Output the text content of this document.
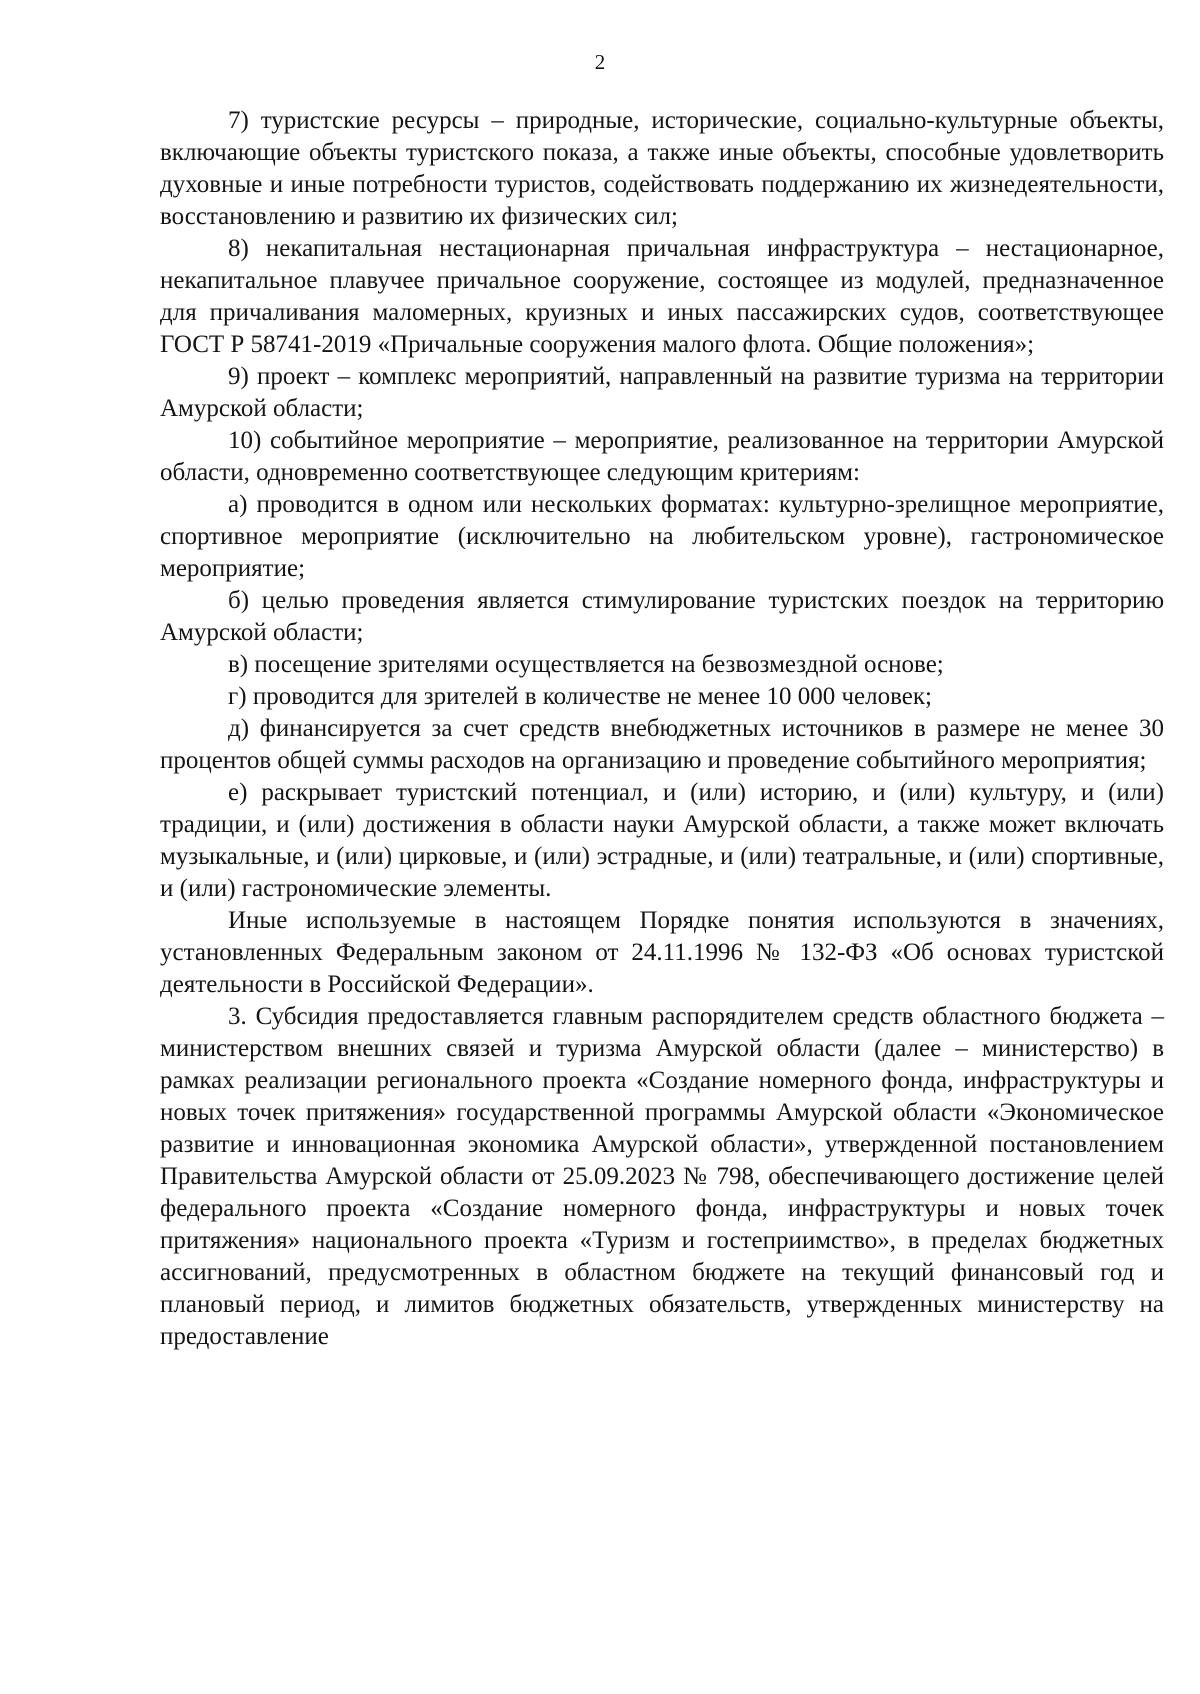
2

7) туристские ресурсы – природные, исторические, социально-культурные объекты, включающие объекты туристского показа, а также иные объекты, способные удовлетворить духовные и иные потребности туристов, содействовать поддержанию их жизнедеятельности, восстановлению и развитию их физических сил;

8) некапитальная нестационарная причальная инфраструктура – нестационарное, некапитальное плавучее причальное сооружение, состоящее из модулей, предназначенное для причаливания маломерных, круизных и иных пассажирских судов, соответствующее ГОСТ Р 58741-2019 «Причальные сооружения малого флота. Общие положения»;

9) проект – комплекс мероприятий, направленный на развитие туризма на территории Амурской области;

10) событийное мероприятие – мероприятие, реализованное на территории Амурской области, одновременно соответствующее следующим критериям:

а) проводится в одном или нескольких форматах: культурно-зрелищное мероприятие, спортивное мероприятие (исключительно на любительском уровне), гастрономическое мероприятие;

б) целью проведения является стимулирование туристских поездок на территорию Амурской области;

в) посещение зрителями осуществляется на безвозмездной основе;

г) проводится для зрителей в количестве не менее 10 000 человек;

д) финансируется за счет средств внебюджетных источников в размере не менее 30 процентов общей суммы расходов на организацию и проведение событийного мероприятия;

е) раскрывает туристский потенциал, и (или) историю, и (или) культуру, и (или) традиции, и (или) достижения в области науки Амурской области, а также может включать музыкальные, и (или) цирковые, и (или) эстрадные, и (или) театральные, и (или) спортивные, и (или) гастрономические элементы.

Иные используемые в настоящем Порядке понятия используются в значениях, установленных Федеральным законом от 24.11.1996 № 132-ФЗ «Об основах туристской деятельности в Российской Федерации».

3. Субсидия предоставляется главным распорядителем средств областного бюджета – министерством внешних связей и туризма Амурской области (далее – министерство) в рамках реализации регионального проекта «Создание номерного фонда, инфраструктуры и новых точек притяжения» государственной программы Амурской области «Экономическое развитие и инновационная экономика Амурской области», утвержденной постановлением Правительства Амурской области от 25.09.2023 № 798, обеспечивающего достижение целей федерального проекта «Создание номерного фонда, инфраструктуры и новых точек притяжения» национального проекта «Туризм и гостеприимство», в пределах бюджетных ассигнований, предусмотренных в областном бюджете на текущий финансовый год и плановый период, и лимитов бюджетных обязательств, утвержденных министерству на предоставление
